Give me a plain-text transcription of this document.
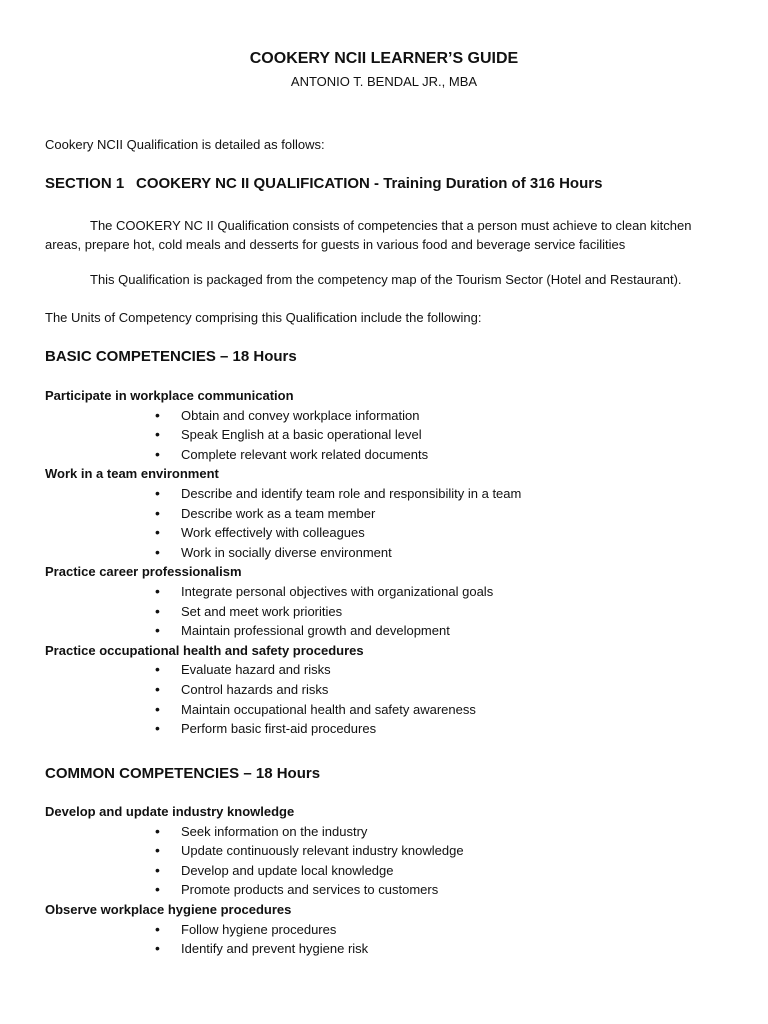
COOKERY NCII LEARNER’S GUIDE
ANTONIO T. BENDAL JR., MBA
Cookery NCII Qualification is detailed as follows:
SECTION 1 COOKERY NC II QUALIFICATION - Training Duration of 316 Hours
The COOKERY NC II Qualification consists of competencies that a person must achieve to clean kitchen areas, prepare hot, cold meals and desserts for guests in various food and beverage service facilities
This Qualification is packaged from the competency map of the Tourism Sector (Hotel and Restaurant).
The Units of Competency comprising this Qualification include the following:
BASIC COMPETENCIES – 18 Hours
Participate in workplace communication
• Obtain and convey workplace information
• Speak English at a basic operational level
• Complete relevant work related documents
Work in a team environment
• Describe and identify team role and responsibility in a team
• Describe work as a team member
• Work effectively with colleagues
• Work in socially diverse environment
Practice career professionalism
• Integrate personal objectives with organizational goals
• Set and meet work priorities
• Maintain professional growth and development
Practice occupational health and safety procedures
• Evaluate hazard and risks
• Control hazards and risks
• Maintain occupational health and safety awareness
• Perform basic first-aid procedures
COMMON COMPETENCIES – 18 Hours
Develop and update industry knowledge
• Seek information on the industry
• Update continuously relevant industry knowledge
• Develop and update local knowledge
• Promote products and services to customers
Observe workplace hygiene procedures
• Follow hygiene procedures
• Identify and prevent hygiene risk
